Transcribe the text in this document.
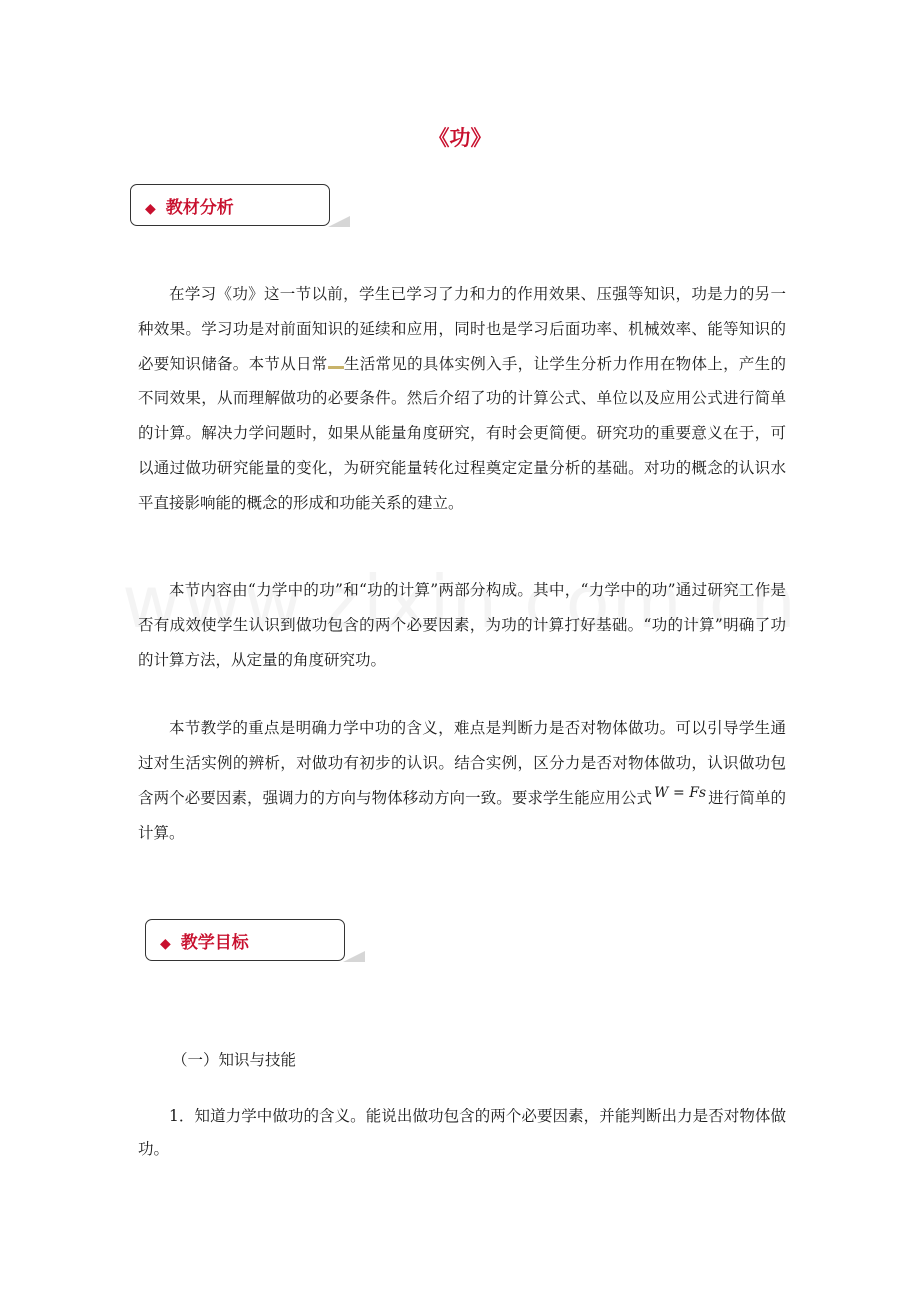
《功》
◆ 教材分析

在学习《功》这一节以前，学生已学习了力和力的作用效果、压强等知识，功是力的另一种效果。学习功是对前面知识的延续和应用，同时也是学习后面功率、机械效率、能等知识的必要知识储备。本节从日常 生活常见的具体实例入手，让学生分析力作用在物体上，产生的不同效果，从而理解做功的必要条件。然后介绍了功的计算公式、单位以及应用公式进行简单的计算。解决力学问题时，如果从能量角度研究，有时会更简便。研究功的重要意义在于，可以通过做功研究能量的变化，为研究能量转化过程奠定定量分析的基础。对功的概念的认识水平直接影响能的概念的形成和功能关系的建立。

本节内容由“力学中的功”和“功的计算”两部分构成。其中，“力学中的功”通过研究工作是否有成效使学生认识到做功包含的两个必要因素，为功的计算打好基础。“功的计算”明确了功的计算方法，从定量的角度研究功。

本节教学的重点是明确力学中功的含义，难点是判断力是否对物体做功。可以引导学生通过对生活实例的辨析，对做功有初步的认识。结合实例，区分力是否对物体做功，认识做功包含两个必要因素，强调力的方向与物体移动方向一致。要求学生能应用公式 W = Fs 进行简单的计算。

◆ 教学目标
（一）知识与技能

1．知道力学中做功的含义。能说出做功包含的两个必要因素，并能判断出力是否对物体做功。
